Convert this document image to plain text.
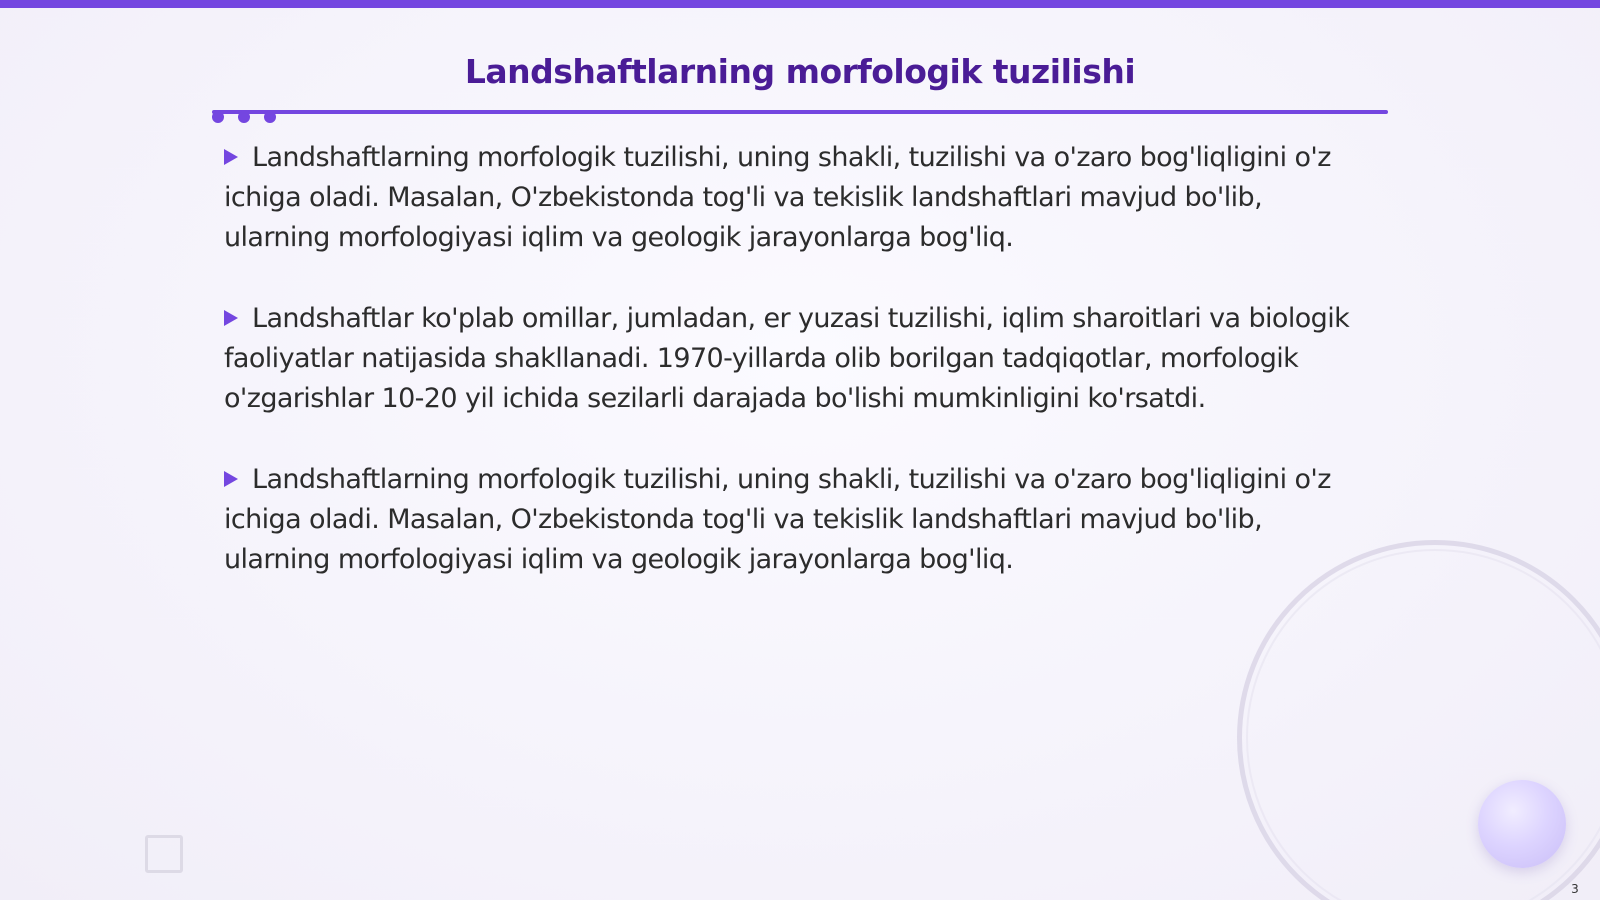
Landshaftlarning morfologik tuzilishi

Landshaftlarning morfologik tuzilishi, uning shakli, tuzilishi va o'zaro bog'liqligini o'z ichiga oladi. Masalan, O'zbekistonda tog'li va tekislik landshaftlari mavjud bo'lib, ularning morfologiyasi iqlim va geologik jarayonlarga bog'liq.

Landshaftlar ko'plab omillar, jumladan, er yuzasi tuzilishi, iqlim sharoitlari va biologik faoliyatlar natijasida shakllanadi. 1970-yillarda olib borilgan tadqiqotlar, morfologik o'zgarishlar 10-20 yil ichida sezilarli darajada bo'lishi mumkinligini ko'rsatdi.

Landshaftlarning morfologik tuzilishi, uning shakli, tuzilishi va o'zaro bog'liqligini o'z ichiga oladi. Masalan, O'zbekistonda tog'li va tekislik landshaftlari mavjud bo'lib, ularning morfologiyasi iqlim va geologik jarayonlarga bog'liq.

3
